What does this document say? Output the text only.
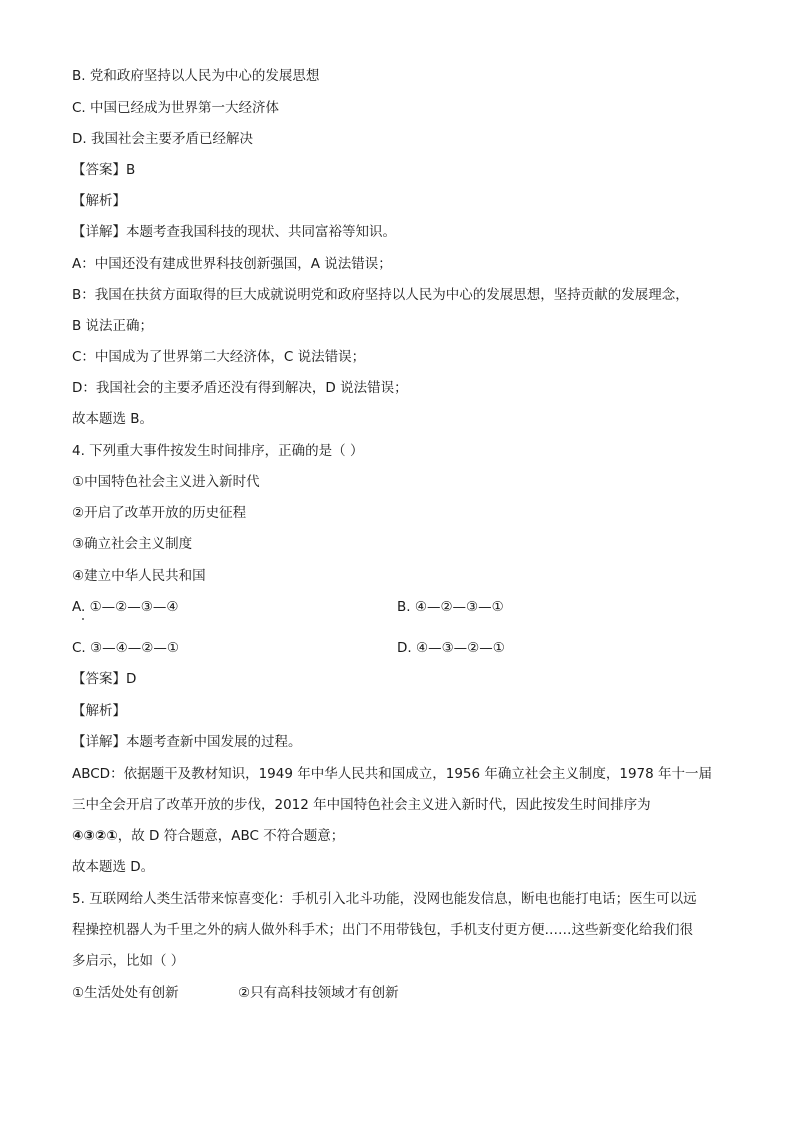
B. 党和政府坚持以人民为中心的发展思想
C. 中国已经成为世界第一大经济体
D. 我国社会主要矛盾已经解决
【答案】B
【解析】
【详解】本题考查我国科技的现状、共同富裕等知识。
A：中国还没有建成世界科技创新强国，A 说法错误；
B：我国在扶贫方面取得的巨大成就说明党和政府坚持以人民为中心的发展思想，坚持贡献的发展理念，
B 说法正确；
C：中国成为了世界第二大经济体，C 说法错误；
D：我国社会的主要矛盾还没有得到解决，D 说法错误；
故本题选 B。
4. 下列重大事件按发生时间排序，正确的是（ ）
①中国特色社会主义进入新时代
②开启了改革开放的历史征程
③确立社会主义制度
④建立中华人民共和国
A. ①—②—③—④	B. ④—②—③—①
C. ③—④—②—①	D. ④—③—②—①
【答案】D
【解析】
【详解】本题考查新中国发展的过程。
ABCD：依据题干及教材知识，1949 年中华人民共和国成立，1956 年确立社会主义制度，1978 年十一届
三中全会开启了改革开放的步伐，2012 年中国特色社会主义进入新时代，因此按发生时间排序为
④③②①，故 D 符合题意，ABC 不符合题意；
故本题选 D。
5. 互联网给人类生活带来惊喜变化：手机引入北斗功能，没网也能发信息，断电也能打电话；医生可以远
程操控机器人为千里之外的病人做外科手术；出门不用带钱包，手机支付更方便……这些新变化给我们很
多启示，比如（ ）
①生活处处有创新	②只有高科技领域才有创新
